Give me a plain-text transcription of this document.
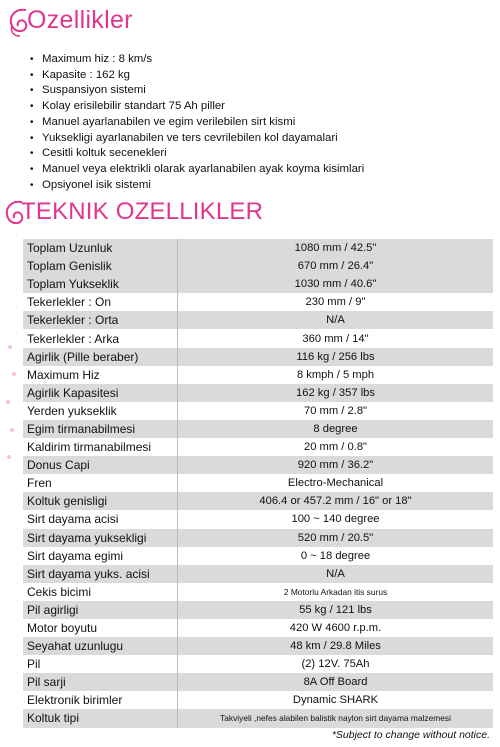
Ozellikler
• Maximum hiz : 8 km/s
• Kapasite : 162 kg
• Suspansiyon sistemi
• Kolay erisilebilir standart 75 Ah piller
• Manuel ayarlanabilen ve egim verilebilen sirt kismi
• Yuksekligi ayarlanabilen ve ters cevrilebilen kol dayamalari
• Cesitli koltuk secenekleri
• Manuel veya elektrikli olarak ayarlanabilen ayak koyma kisimlari
• Opsiyonel isik sistemi
TEKNIK OZELLIKLER
Toplam Uzunluk	1080 mm / 42.5"
Toplam Genislik	670 mm / 26.4"
Toplam Yukseklik	1030 mm / 40.6"
Tekerlekler : On	230 mm / 9"
Tekerlekler : Orta	N/A
Tekerlekler : Arka	360 mm / 14"
Agirlik (Pille beraber)	116 kg / 256 lbs
Maximum Hiz	8 kmph / 5 mph
Agirlik Kapasitesi	162 kg / 357 lbs
Yerden yukseklik	70 mm / 2.8"
Egim tirmanabilmesi	8 degree
Kaldirim tirmanabilmesi	20 mm / 0.8"
Donus Capi	920 mm / 36.2"
Fren	Electro-Mechanical
Koltuk genisligi	406.4 or 457.2 mm / 16" or 18"
Sirt dayama acisi	100 ~ 140 degree
Sirt dayama yuksekligi	520 mm / 20.5"
Sirt dayama egimi	0 ~ 18 degree
Sirt dayama yuks. acisi	N/A
Cekis bicimi	2 Motorlu Arkadan itis surus
Pil agirligi	55 kg / 121 lbs
Motor boyutu	420 W 4600 r.p.m.
Seyahat uzunlugu	48 km / 29.8 Miles
Pil	(2) 12V. 75Ah
Pil sarji	8A Off Board
Elektronik birimler	Dynamic SHARK
Koltuk tipi	Takviyeli ,nefes alabilen balistik naylon sirt dayama malzemesi
*Subject to change without notice.
